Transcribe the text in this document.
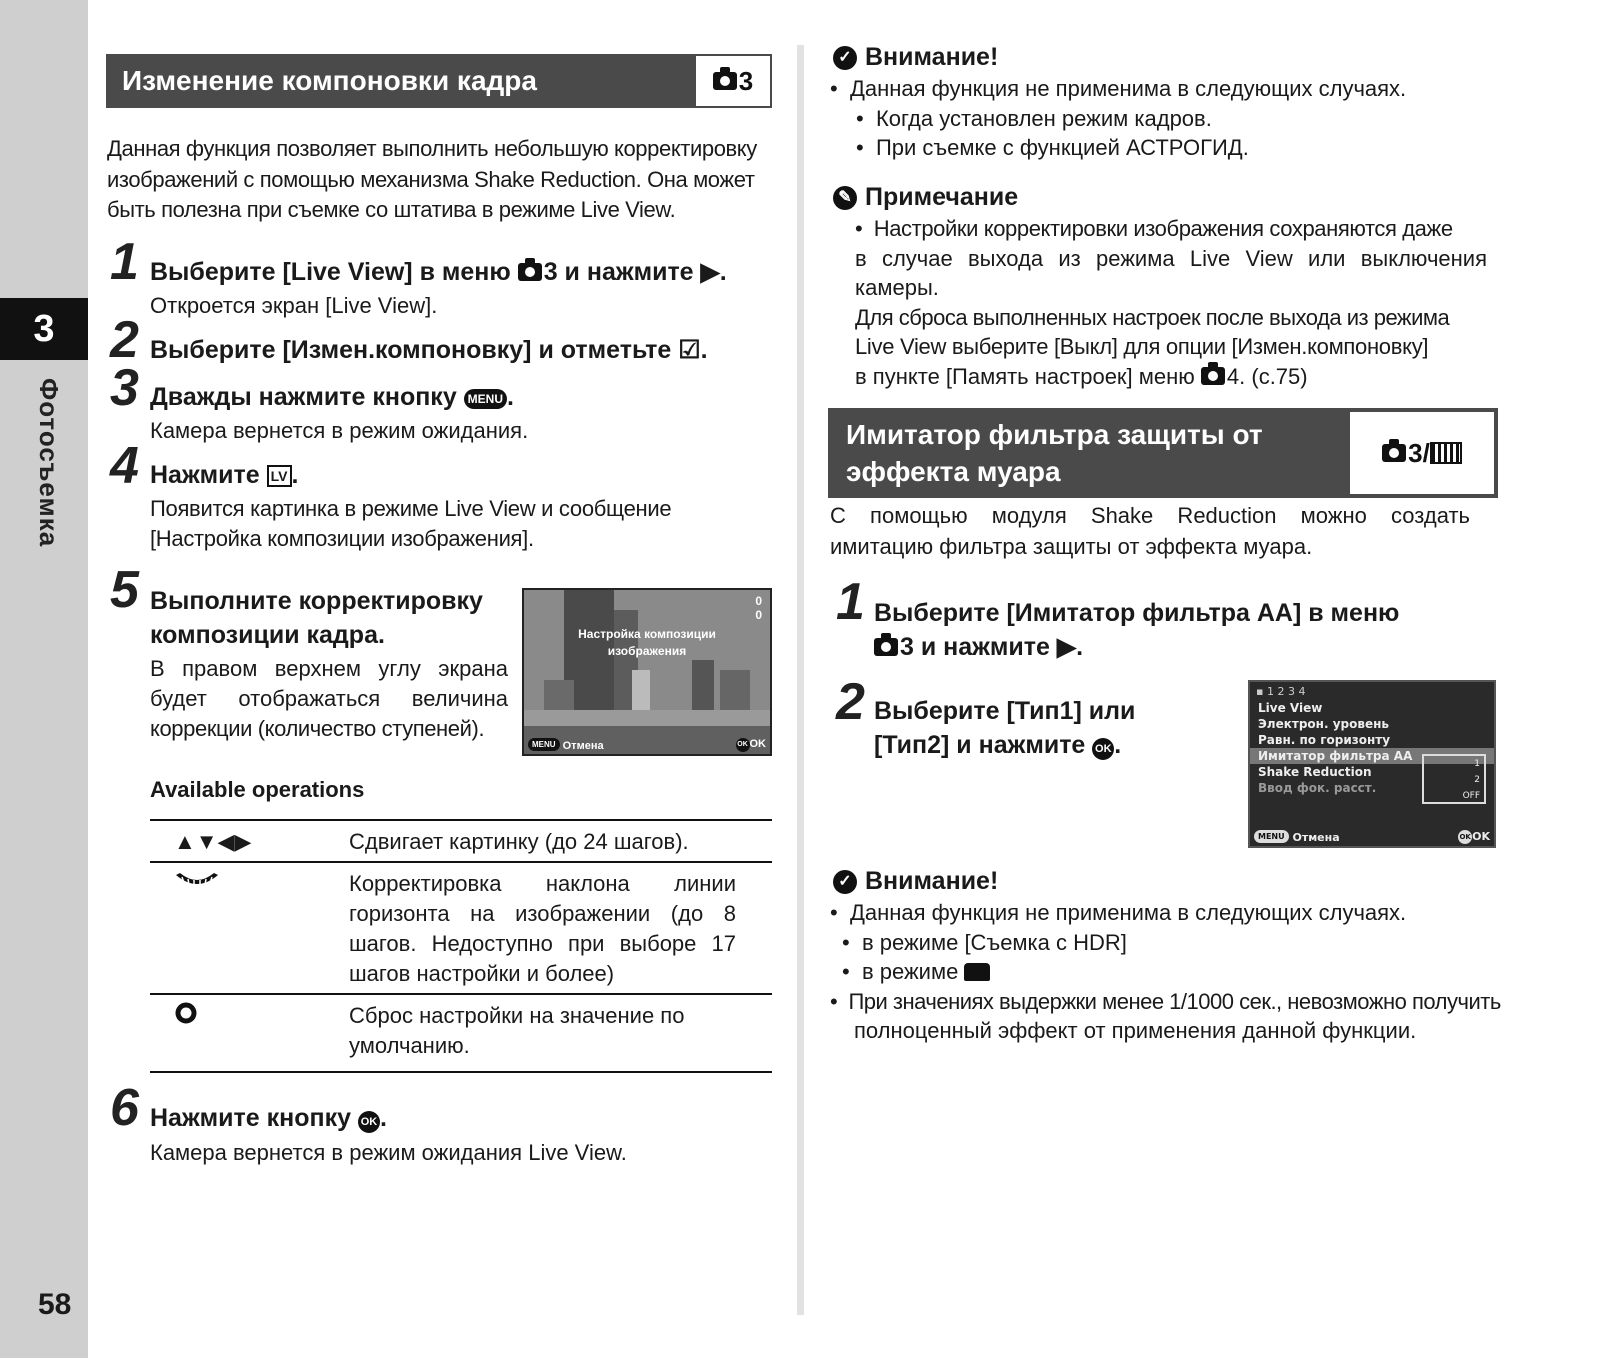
3
Фотосъемка
58
Изменение компоновки кадра	3
Данная функция позволяет выполнить небольшую корректировку
изображений с помощью механизма Shake Reduction. Она может
быть полезна при съемке со штатива в режиме Live View.
1 Выберите [Live View] в меню 3 и нажмите ▶.
Откроется экран [Live View].
2 Выберите [Измен.компоновку] и отметьте ☑.
3 Дважды нажмите кнопку MENU .
Камера вернется в режим ожидания.
4 Нажмите LV .
Появится картинка в режиме Live View и сообщение
[Настройка композиции изображения].
5 Выполните корректировку
композиции кадра.
В правом верхнем углу экрана
будет отображаться величина
коррекции (количество ступеней).
Настройка композиции
изображения
0
0
MENU Отмена	OK OK
Available operations
▲▼◀▶	Сдвигает картинку (до 24 шагов).

Корректировка наклона линии
горизонта на изображении (до 8
шагов. Недоступно при выборе 17
шагов настройки и более)

Сброс настройки на значение по
умолчанию.
6 Нажмите кнопку OK .
Камера вернется в режим ожидания Live View.
✓ Внимание!
•  Данная функция не применима в следующих случаях.
•  Когда установлен режим кадров.
•  При съемке с функцией АСТРОГИД.
✎ Примечание
•  Настройки корректировки изображения сохраняются даже
в случае выхода из режима Live View или выключения
камеры.
Для сброса выполненных настроек после выхода из режима
Live View выберите [Выкл] для опции [Измен.компоновку]
в пункте [Память настроек] меню 4. (с.75)
Имитатор фильтра защиты от
эффекта муара
3/
С помощью модуля Shake Reduction можно создать
имитацию фильтра защиты от эффекта муара.
1 Выберите [Имитатор фильтра AA] в меню
3 и нажмите ▶.
2 Выберите [Тип1] или
[Тип2] и нажмите OK .
▪ 1 2 3 4
Live View
Электрон. уровень
Равн. по горизонту
Имитатор фильтра AA
Shake Reduction
Ввод фок. расст.
1
2
OFF
MENU Отмена	OKOK
✓ Внимание!
•  Данная функция не применима в следующих случаях.
•  в режиме [Съемка с HDR]
•  в режиме
•  При значениях выдержки менее 1/1000 сек., невозможно получить
полноценный эффект от применения данной функции.
